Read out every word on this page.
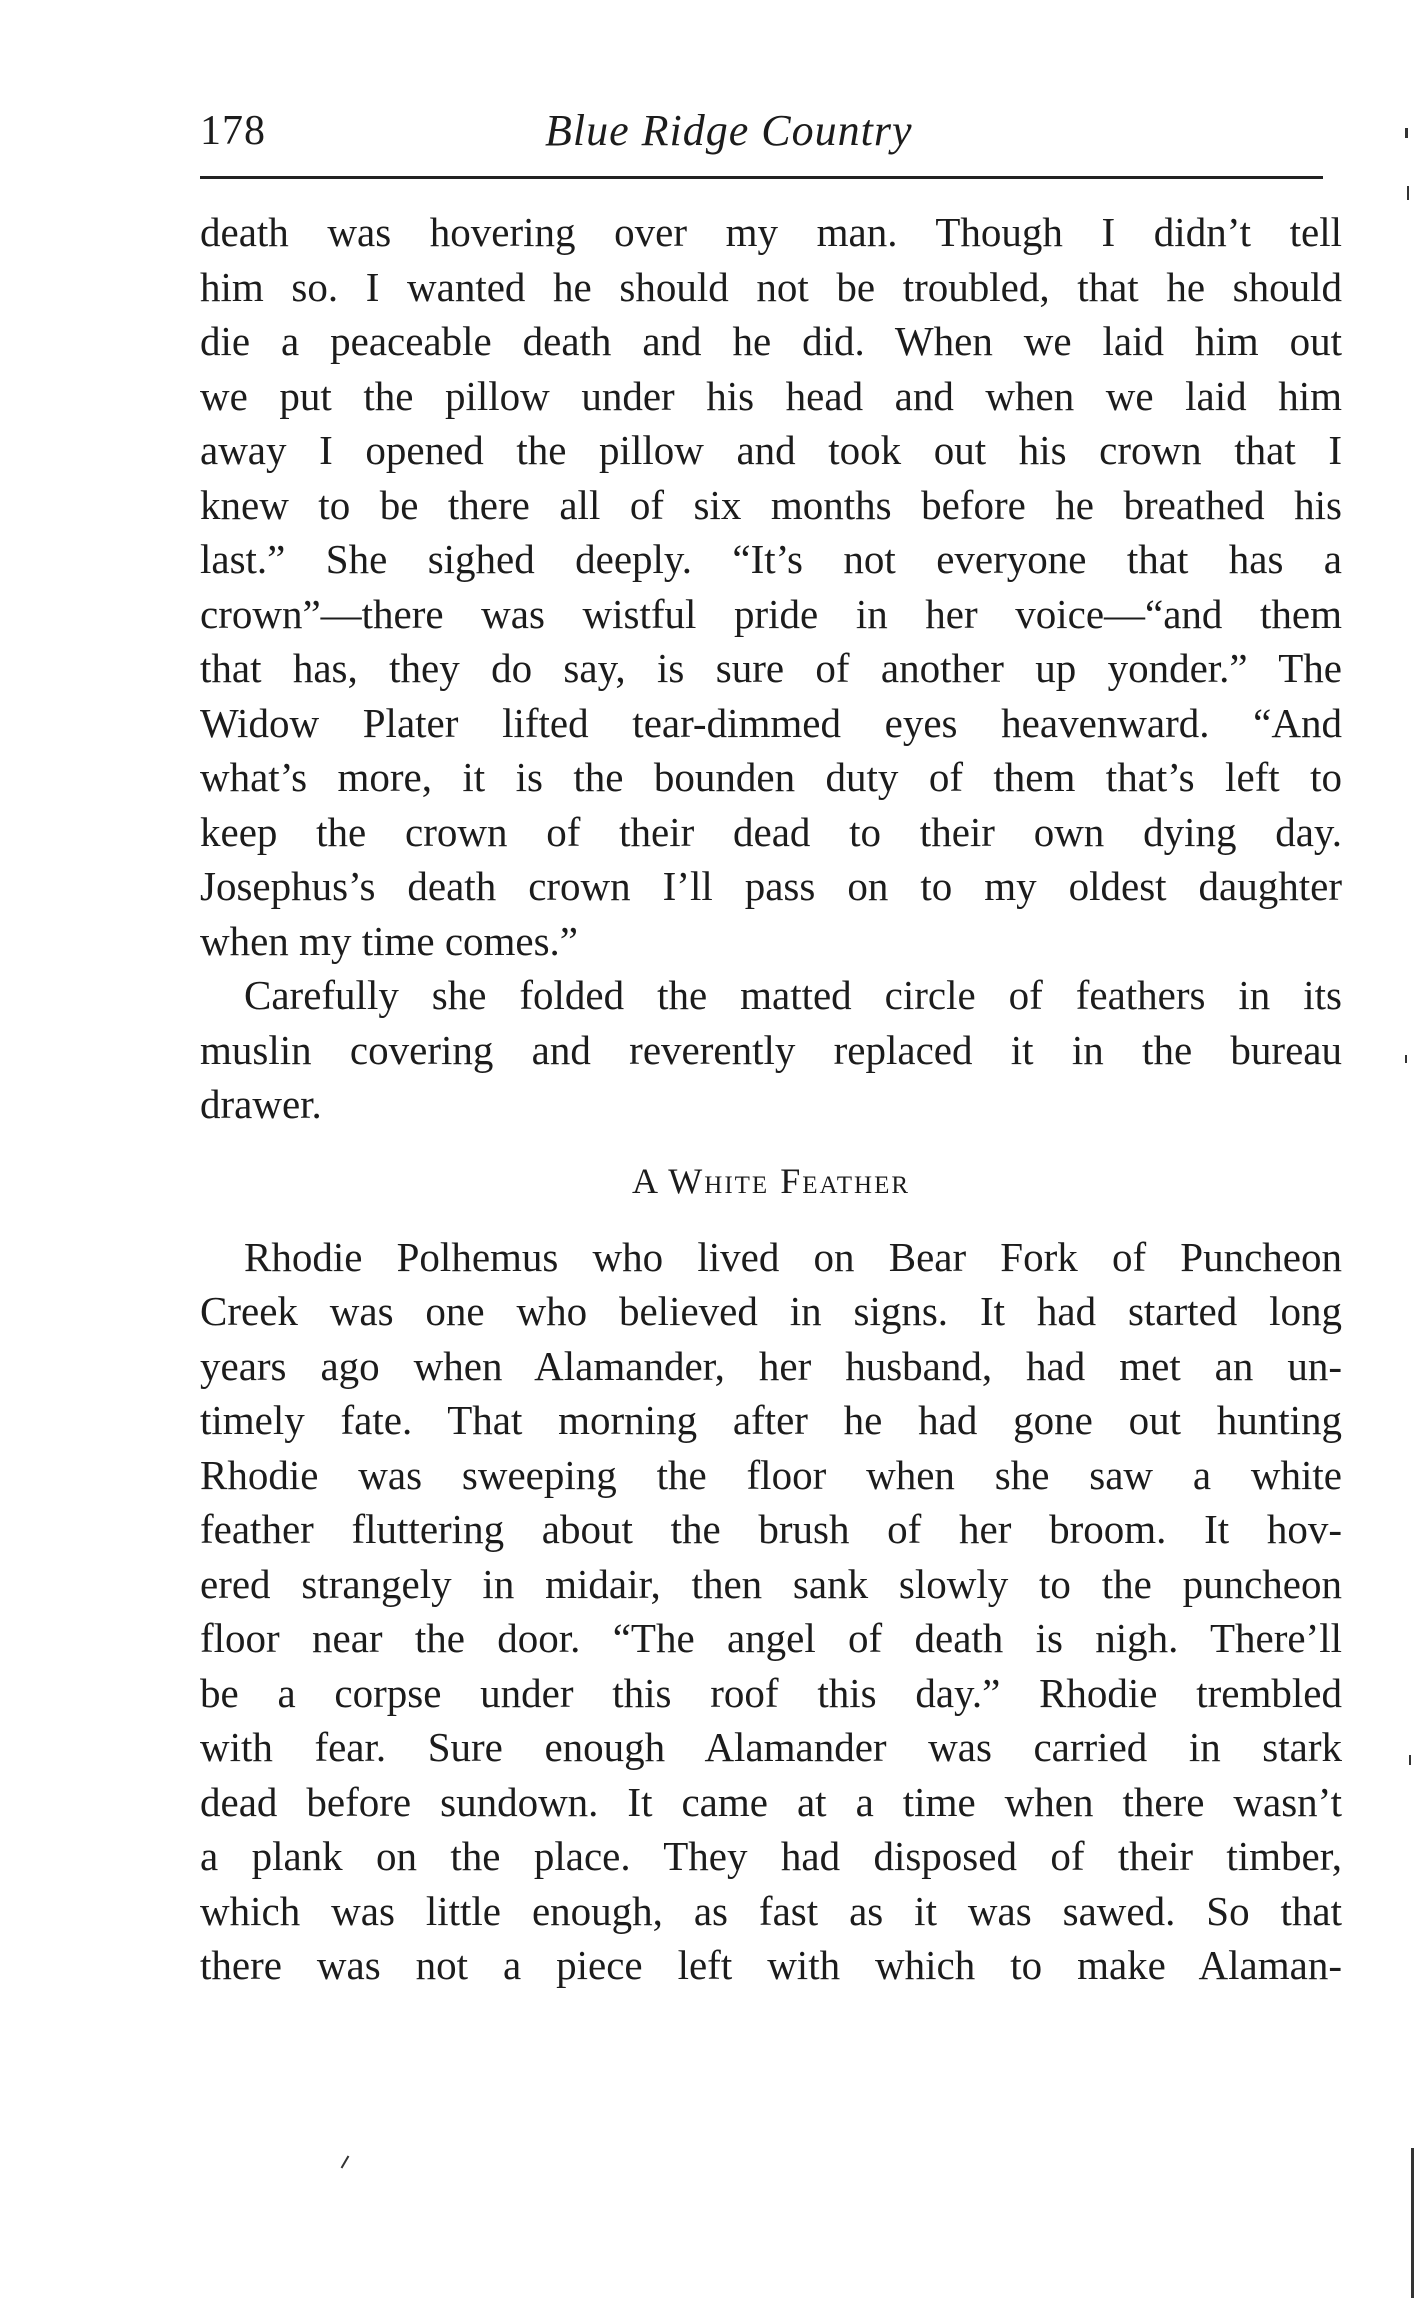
178	Blue Ridge Country
death was hovering over my man. Though I didn’t tell
him so. I wanted he should not be troubled, that he should
die a peaceable death and he did. When we laid him out
we put the pillow under his head and when we laid him
away I opened the pillow and took out his crown that I
knew to be there all of six months before he breathed his
last.” She sighed deeply. “It’s not everyone that has a
crown”—there was wistful pride in her voice—“and them
that has, they do say, is sure of another up yonder.” The
Widow Plater lifted tear-dimmed eyes heavenward. “And
what’s more, it is the bounden duty of them that’s left to
keep the crown of their dead to their own dying day.
Josephus’s death crown I’ll pass on to my oldest daughter
when my time comes.”
Carefully she folded the matted circle of feathers in its
muslin covering and reverently replaced it in the bureau
drawer.
A White Feather
Rhodie Polhemus who lived on Bear Fork of Puncheon
Creek was one who believed in signs. It had started long
years ago when Alamander, her husband, had met an un-
timely fate. That morning after he had gone out hunting
Rhodie was sweeping the floor when she saw a white
feather fluttering about the brush of her broom. It hov-
ered strangely in midair, then sank slowly to the puncheon
floor near the door. “The angel of death is nigh. There’ll
be a corpse under this roof this day.” Rhodie trembled
with fear. Sure enough Alamander was carried in stark
dead before sundown. It came at a time when there wasn’t
a plank on the place. They had disposed of their timber,
which was little enough, as fast as it was sawed. So that
there was not a piece left with which to make Alaman-
